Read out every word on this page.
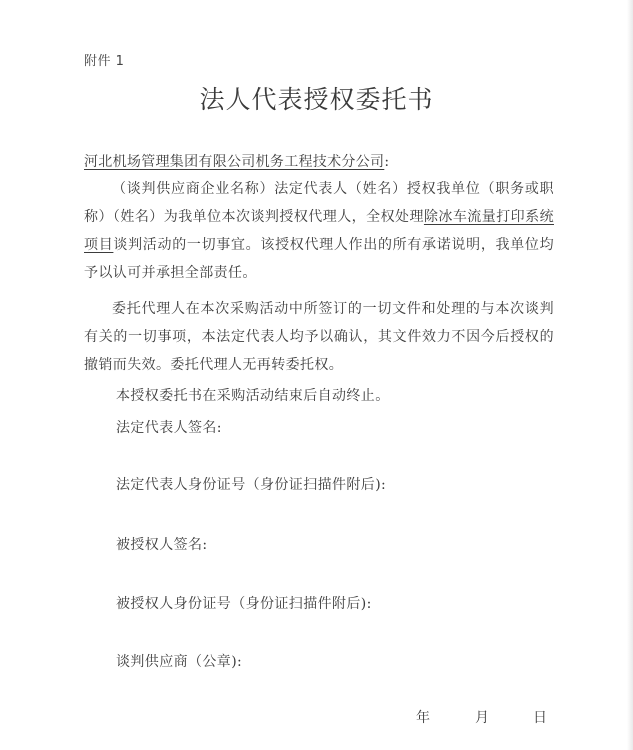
附件 1
法人代表授权委托书
河北机场管理集团有限公司机务工程技术分公司:

（谈判供应商企业名称）法定代表人（姓名）授权我单位（职务或职称）（姓名）为我单位本次谈判授权代理人，全权处理除冰车流量打印系统项目谈判活动的一切事宜。该授权代理人作出的所有承诺说明，我单位均予以认可并承担全部责任。

委托代理人在本次采购活动中所签订的一切文件和处理的与本次谈判有关的一切事项，本法定代表人均予以确认，其文件效力不因今后授权的撤销而失效。委托代理人无再转委托权。

本授权委托书在采购活动结束后自动终止。
法定代表人签名:
法定代表人身份证号（身份证扫描件附后):
被授权人签名:
被授权人身份证号（身份证扫描件附后):
谈判供应商（公章):
年	月	日
